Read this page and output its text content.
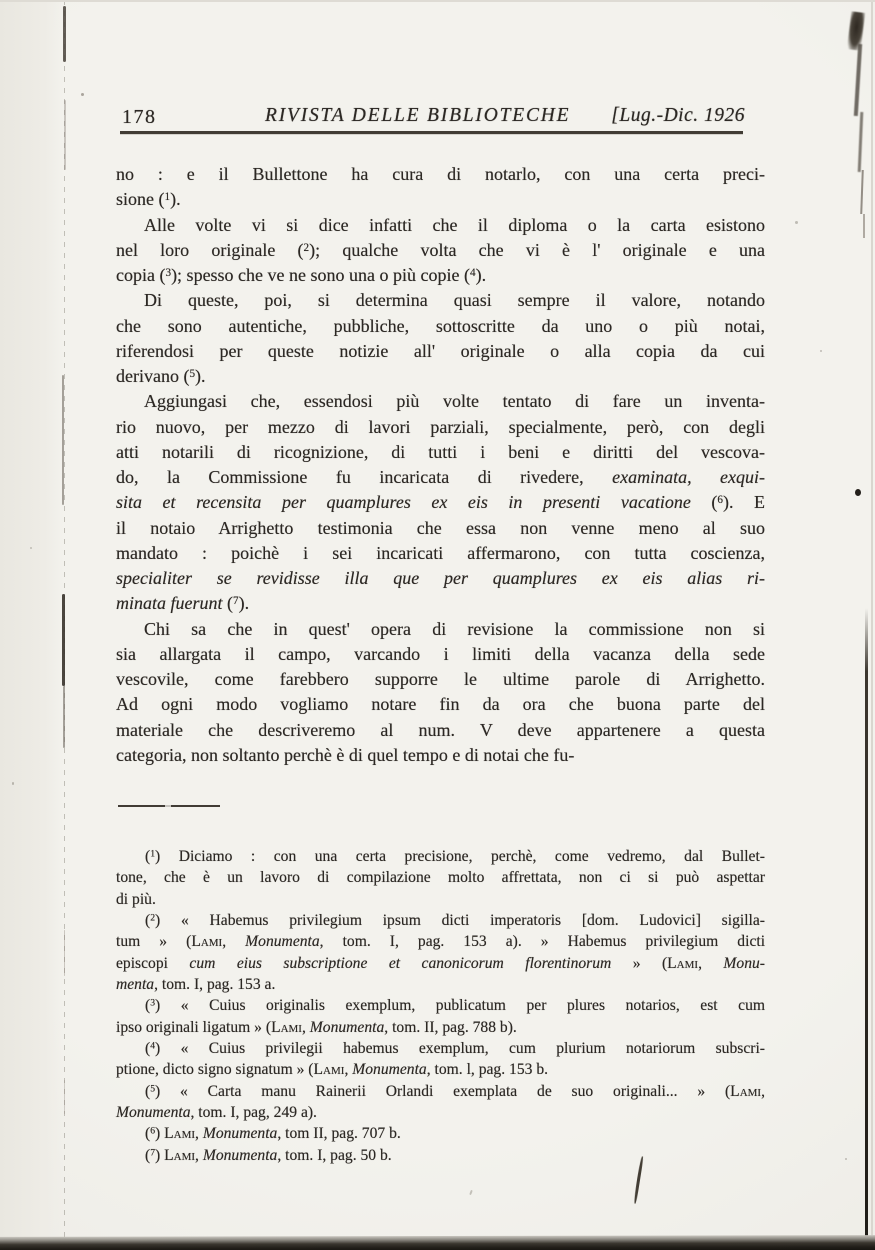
178	RIVISTA DELLE BIBLIOTECHE [Lug.-Dic. 1926

no : e il Bullettone ha cura di notarlo, con una certa preci-
sione ($^1$).

Alle volte vi si dice infatti che il diploma o la carta esistono
nel loro originale ($^2$); qualche volta che vi è l' originale e una
copia ($^3$); spesso che ve ne sono una o più copie ($^4$).

Di queste, poi, si determina quasi sempre il valore, notando
che sono autentiche, pubbliche, sottoscritte da uno o più notai,
riferendosi per queste notizie all' originale o alla copia da cui
derivano ($^5$).

Aggiungasi che, essendosi più volte tentato di fare un inventa-
rio nuovo, per mezzo di lavori parziali, specialmente, però, con degli
atti notarili di ricognizione, di tutti i beni e diritti del vescova-
do, la Commissione fu incaricata di rivedere, examinata, exqui-
sita et recensita per quamplures ex eis in presenti vacatione ($^6$). E
il notaio Arrighetto testimonia che essa non venne meno al suo
mandato : poichè i sei incaricati affermarono, con tutta coscienza,
specialiter se revidisse illa que per quamplures ex eis alias ri-
minata fuerunt ($^7$).

Chi sa che in quest' opera di revisione la commissione non si
sia allargata il campo, varcando i limiti della vacanza della sede
vescovile, come farebbero supporre le ultime parole di Arrighetto.
Ad ogni modo vogliamo notare fin da ora che buona parte del
materiale che descriveremo al num. V deve appartenere a questa
categoria, non soltanto perchè è di quel tempo e di notai che fu-

($^1$) Diciamo : con una certa precisione, perchè, come vedremo, dal Bullet-
tone, che è un lavoro di compilazione molto affrettata, non ci si può aspettar
di più.

($^2$) « Habemus privilegium ipsum dicti imperatoris [dom. Ludovici] sigilla-
tum » (Lami, Monumenta, tom. I, pag. 153 a). » Habemus privilegium dicti
episcopi cum eius subscriptione et canonicorum florentinorum » (Lami, Monu-
menta, tom. I, pag. 153 a.

($^3$) « Cuius originalis exemplum, publicatum per plures notarios, est cum
ipso originali ligatum » (Lami, Monumenta, tom. II, pag. 788 b).

($^4$) « Cuius privilegii habemus exemplum, cum plurium notariorum subscri-
ptione, dicto signo signatum » (Lami, Monumenta, tom. l, pag. 153 b.

($^5$) « Carta manu Rainerii Orlandi exemplata de suo originali... » (Lami,
Monumenta, tom. I, pag, 249 a).

($^6$) Lami, Monumenta, tom II, pag. 707 b.

($^7$) Lami, Monumenta, tom. I, pag. 50 b.
